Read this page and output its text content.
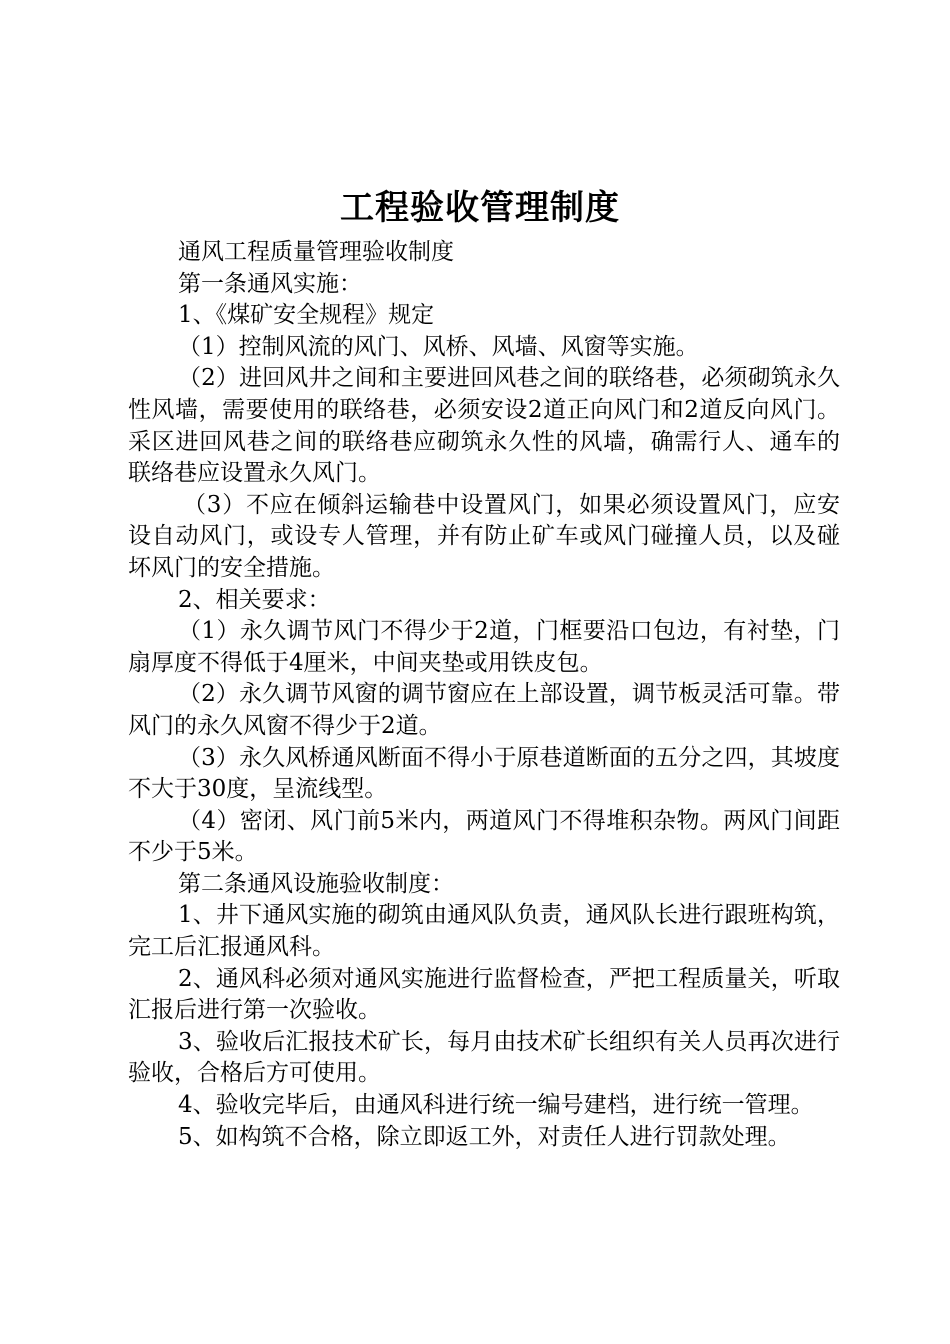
工程验收管理制度

通风工程质量管理验收制度

第一条通风实施：

1、《煤矿安全规程》规定

（1）控制风流的风门、风桥、风墙、风窗等实施。

（2）进回风井之间和主要进回风巷之间的联络巷，必须砌筑永久性风墙，需要使用的联络巷，必须安设2道正向风门和2道反向风门。采区进回风巷之间的联络巷应砌筑永久性的风墙，确需行人、通车的联络巷应设置永久风门。

（3）不应在倾斜运输巷中设置风门，如果必须设置风门，应安设自动风门，或设专人管理，并有防止矿车或风门碰撞人员，以及碰坏风门的安全措施。

2、相关要求：

（1）永久调节风门不得少于2道，门框要沿口包边，有衬垫，门扇厚度不得低于4厘米，中间夹垫或用铁皮包。

（2）永久调节风窗的调节窗应在上部设置，调节板灵活可靠。带风门的永久风窗不得少于2道。

（3）永久风桥通风断面不得小于原巷道断面的五分之四，其坡度不大于30度，呈流线型。

（4）密闭、风门前5米内，两道风门不得堆积杂物。两风门间距不少于5米。

第二条通风设施验收制度：

1、井下通风实施的砌筑由通风队负责，通风队长进行跟班构筑，完工后汇报通风科。

2、通风科必须对通风实施进行监督检查，严把工程质量关，听取汇报后进行第一次验收。

3、验收后汇报技术矿长，每月由技术矿长组织有关人员再次进行验收，合格后方可使用。

4、验收完毕后，由通风科进行统一编号建档，进行统一管理。

5、如构筑不合格，除立即返工外，对责任人进行罚款处理。
